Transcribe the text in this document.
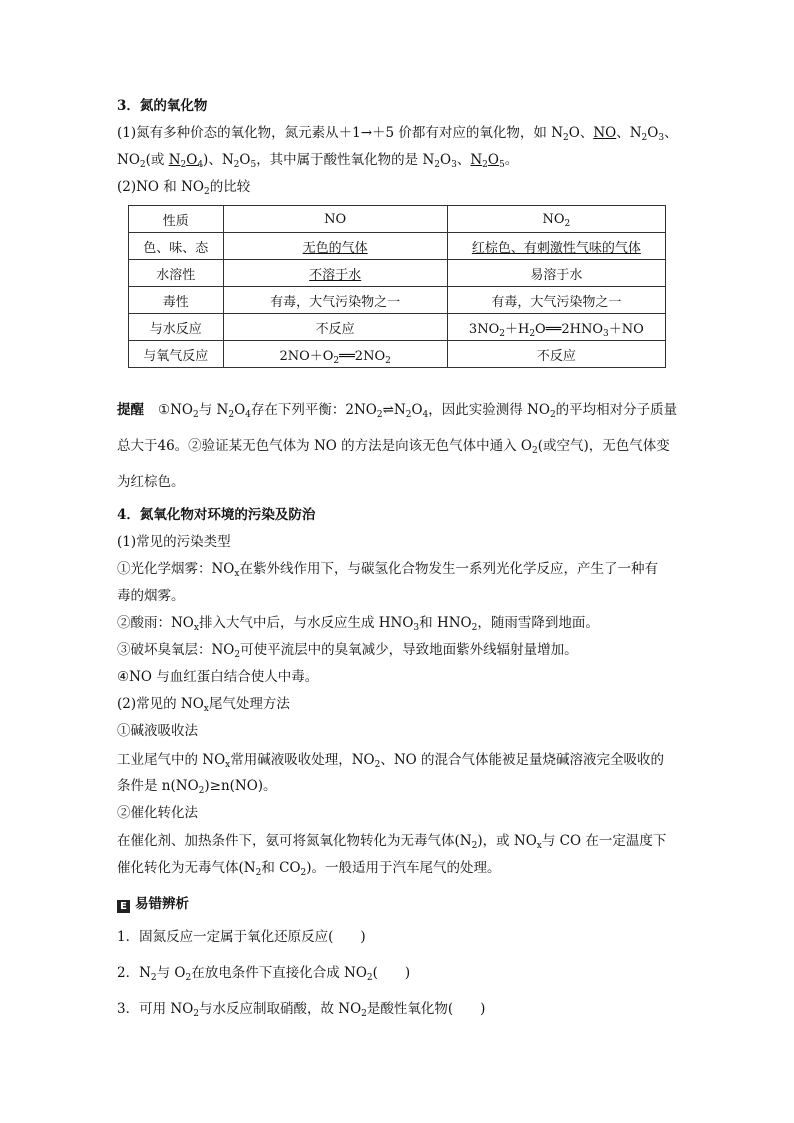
3．氮的氧化物
(1)氮有多种价态的氧化物，氮元素从＋1→＋5 价都有对应的氧化物，如 $N_2O$、NO、$N_2O_3$、
$NO_2$(或 $N_2O_4$)、$N_2O_5$，其中属于酸性氧化物的是 $N_2O_3$、$N_2O_5$。
(2)NO 和 $NO_2$的比较
性质	NO	$NO_2$
色、味、态	无色的气体	红棕色、有刺激性气味的气体
水溶性	不溶于水	易溶于水
毒性	有毒，大气污染物之一	有毒，大气污染物之一
与水反应	不反应	$3NO_2+H_2O══2HNO_3+NO$
与氧气反应	$2NO+O_2══2NO_2$	不反应
提醒 $①NO_2$与 $N_2O_4$存在下列平衡：$2NO_2\rightleftharpoons N_2O_4$，因此实验测得 $NO_2$的平均相对分子质量
总大于46。②验证某无色气体为 NO 的方法是向该无色气体中通入 $O_2$(或空气)，无色气体变
为红棕色。
4．氮氧化物对环境的污染及防治
(1)常见的污染类型
①光化学烟雾：$NO_x$在紫外线作用下，与碳氢化合物发生一系列光化学反应，产生了一种有
毒的烟雾。
②酸雨：$NO_x$排入大气中后，与水反应生成 $HNO_3$和 $HNO_2$，随雨雪降到地面。
③破坏臭氧层：$NO_2$可使平流层中的臭氧减少，导致地面紫外线辐射量增加。
④NO 与血红蛋白结合使人中毒。
(2)常见的 $NO_x$尾气处理方法
①碱液吸收法
工业尾气中的 $NO_x$常用碱液吸收处理，$NO_2$、NO 的混合气体能被足量烧碱溶液完全吸收的
条件是 $n(NO_2)\ge n(NO)$。
②催化转化法
在催化剂、加热条件下，氨可将氮氧化物转化为无毒气体$(N_2)$，或 $NO_x$与 CO 在一定温度下
催化转化为无毒气体($N_2$和 $CO_2$)。一般适用于汽车尾气的处理。
E 易错辨析
1．固氮反应一定属于氧化还原反应(　　)
2．$N_2$与 $O_2$在放电条件下直接化合成 $NO_2$(　　)
3．可用 $NO_2$与水反应制取硝酸，故 $NO_2$是酸性氧化物(　　)
